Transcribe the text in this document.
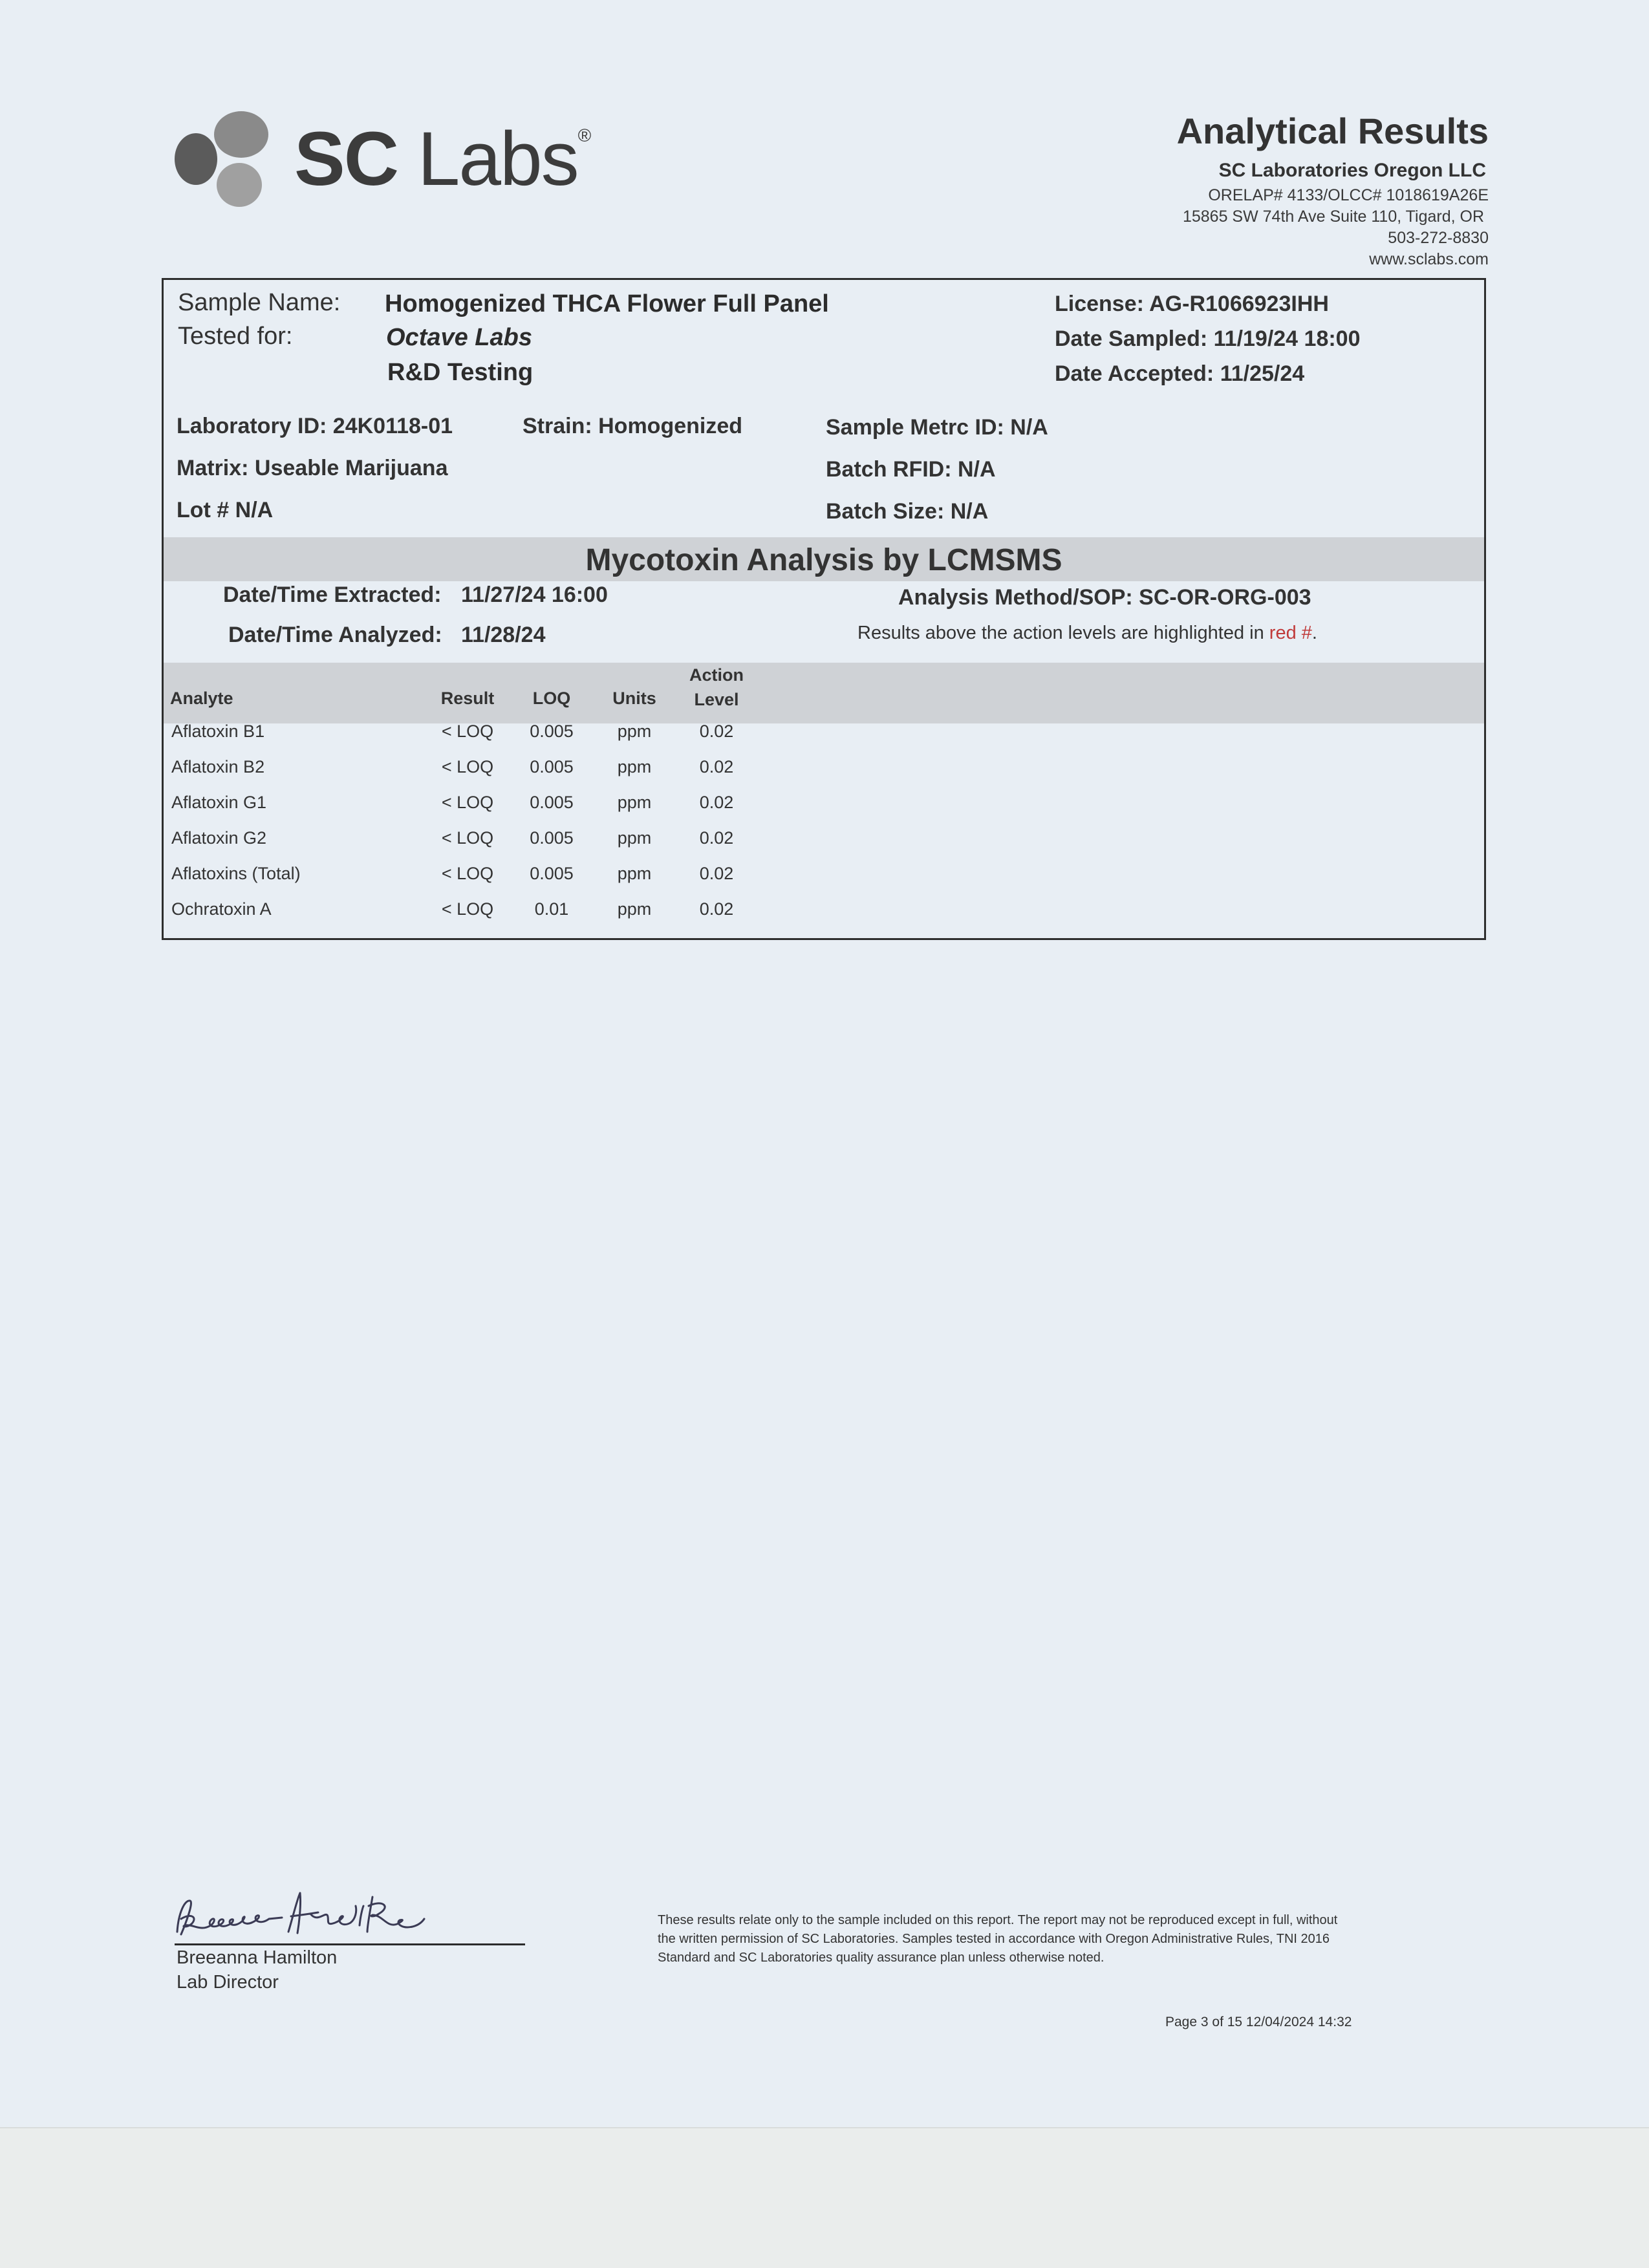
SC Labs®	Analytical Results
SC Laboratories Oregon LLC
ORELAP# 4133/OLCC# 1018619A26E
15865 SW 74th Ave Suite 110, Tigard, OR
503-272-8830
www.sclabs.com
Sample Name: Homogenized THCA Flower Full Panel
Tested for:	Octave Labs
R&D Testing
License: AG-R1066923IHH
Date Sampled: 11/19/24 18:00
Date Accepted: 11/25/24
Laboratory ID: 24K0118-01	Strain: Homogenized	Sample Metrc ID: N/A
Matrix: Useable Marijuana	Batch RFID: N/A
Lot # N/A	Batch Size: N/A
Mycotoxin Analysis by LCMSMS
Date/Time Extracted: 11/27/24 16:00
Date/Time Analyzed: 11/28/24
Analysis Method/SOP: SC-OR-ORG-003
Results above the action levels are highlighted in red #.
Analyte	Result	LOQ	Units
Action
Level
Aflatoxin B1	< LOQ	0.005	ppm	0.02
Aflatoxin B2	< LOQ	0.005	ppm	0.02
Aflatoxin G1	< LOQ	0.005	ppm	0.02
Aflatoxin G2	< LOQ	0.005	ppm	0.02
Aflatoxins (Total)	< LOQ	0.005	ppm	0.02
Ochratoxin A	< LOQ	0.01	ppm	0.02
Breeanna Hamilton
Lab Director
These results relate only to the sample included on this report. The report may not be reproduced except in full, without
the written permission of SC Laboratories. Samples tested in accordance with Oregon Administrative Rules, TNI 2016
Standard and SC Laboratories quality assurance plan unless otherwise noted.
Page 3 of 15 12/04/2024 14:32
